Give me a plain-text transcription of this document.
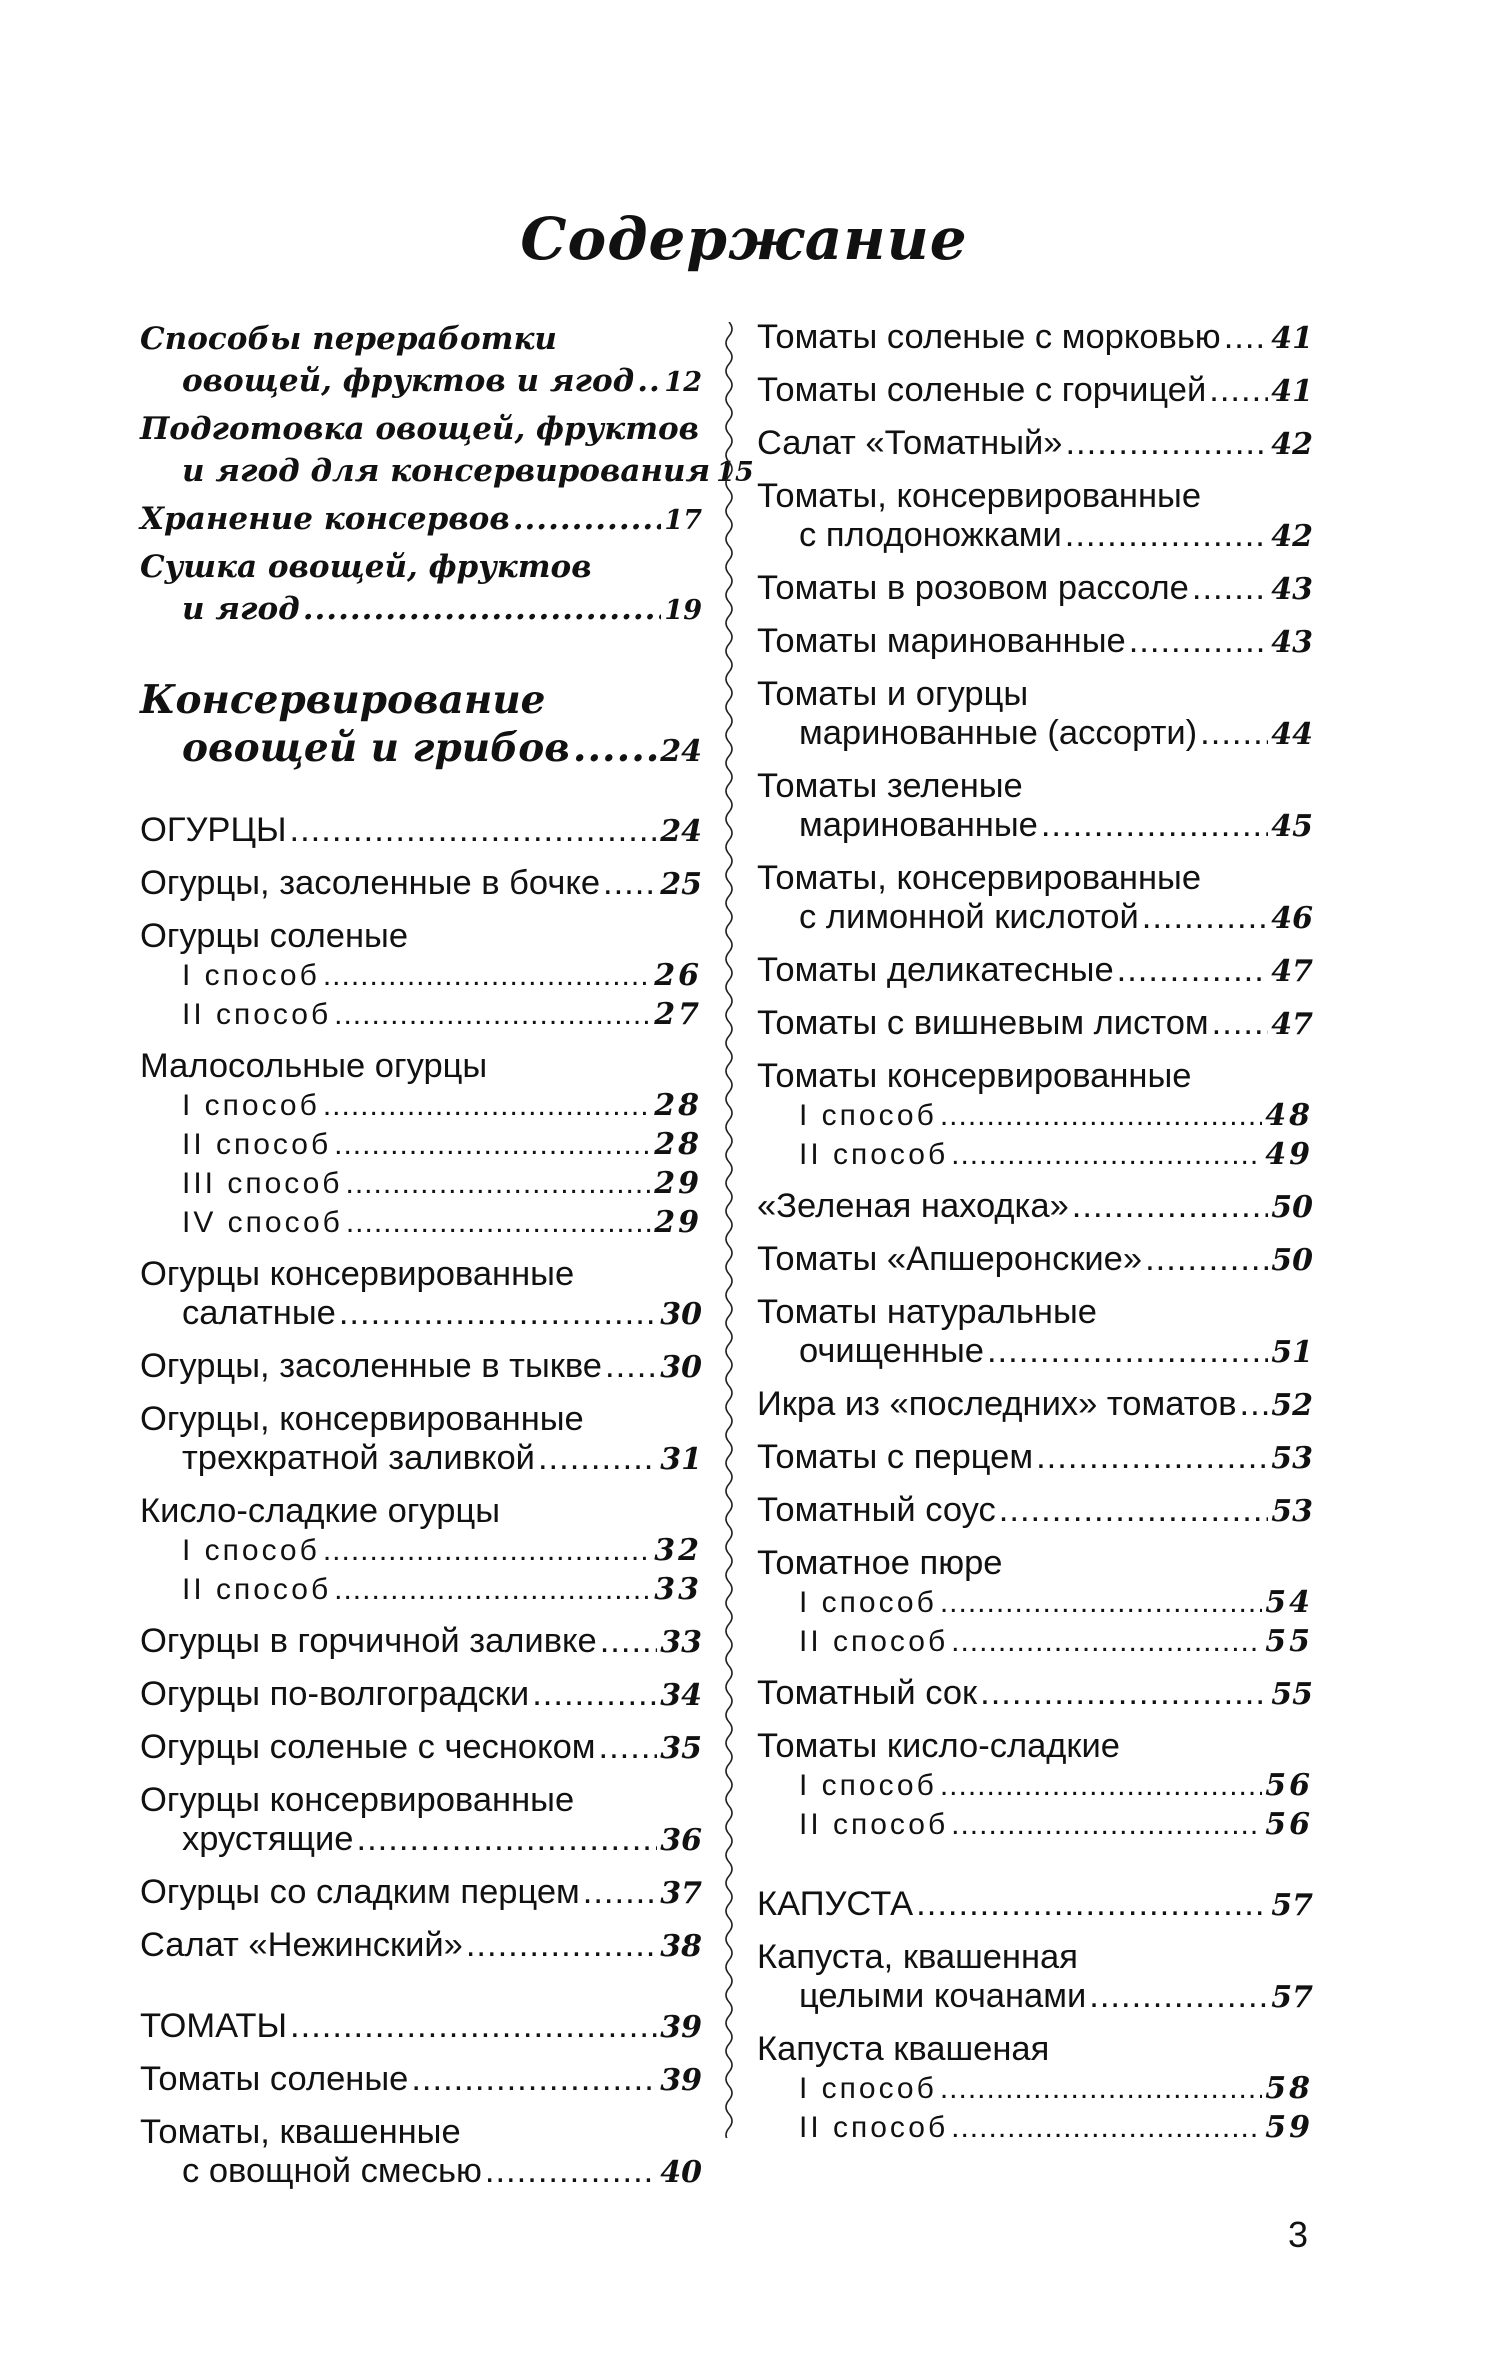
Содержание
Способы переработки
овощей, фруктов и ягод ..... 12
Подготовка овощей, фруктов
и ягод для консервирования 15
Хранение консервов .....	17
Сушка овощей, фруктов
и ягод .....	19
Консервирование
овощей и грибов .....	24
ОГУРЦЫ .....	24
Огурцы, засоленные в бочке ..... 25
Огурцы соленые
I способ .....	26
II способ .....	27
Малосольные огурцы
I способ .....	28
II способ .....	28
III способ .....	29
IV способ .....	29
Огурцы консервированные
салатные .....	30
Огурцы, засоленные в тыкве ..... 30
Огурцы, консервированные
трехкратной заливкой .....	31
Кисло-сладкие огурцы
I способ .....	32
II способ .....	33
Огурцы в горчичной заливке ..... 33
Огурцы по-волгоградски .....	34
Огурцы соленые с чесноком ..... 35
Огурцы консервированные
хрустящие .....	36
Огурцы со сладким перцем .....	37
Салат «Нежинский» .....	38
ТОМАТЫ .....	39
Томаты соленые .....	39
Томаты, квашенные
с овощной смесью .....	40
Томаты соленые с морковью ..... 41
Томаты соленые с горчицей ..... 41
Салат «Томатный» .....	42
Томаты, консервированные
с плодоножками .....	42
Томаты в розовом рассоле .....	43
Томаты маринованные .....	43
Томаты и огурцы
маринованные (ассорти) ..... 44
Томаты зеленые
маринованные .....	45
Томаты, консервированные
с лимонной кислотой .....	46
Томаты деликатесные .....	47
Томаты с вишневым листом ..... 47
Томаты консервированные
I способ .....	48
II способ .....	49
«Зеленая находка» .....	50
Томаты «Апшеронские» .....	50
Томаты натуральные
очищенные .....	51
Икра из «последних» томатов ..... 52
Томаты с перцем .....	53
Томатный соус .....	53
Томатное пюре
I способ .....	54
II способ .....	55
Томатный сок .....	55
Томаты кисло-сладкие
I способ .....	56
II способ .....	56
КАПУСТА .....	57
Капуста, квашенная
целыми кочанами .....	57
Капуста квашеная
I способ .....	58
II способ .....	59
3
